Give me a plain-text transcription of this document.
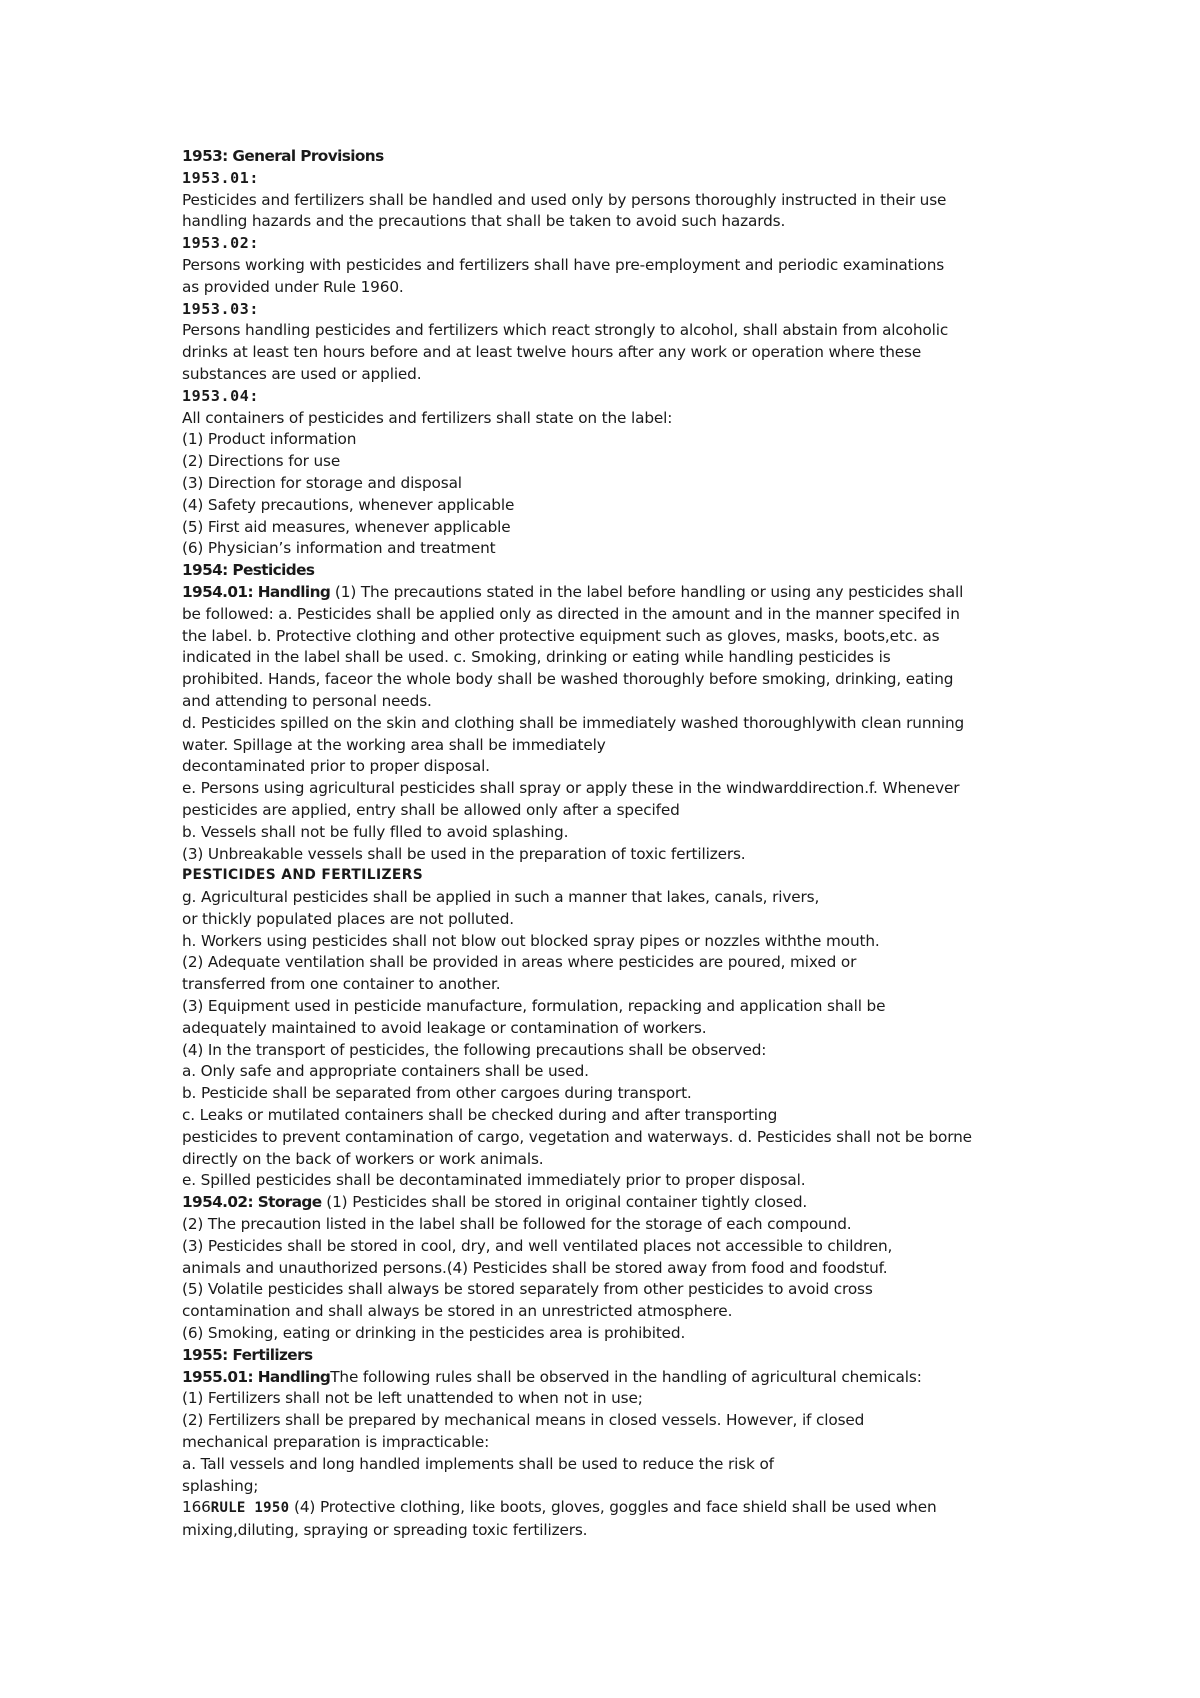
1953: General Provisions
1953.01:
Pesticides and fertilizers shall be handled and used only by persons thoroughly instructed in their use
handling hazards and the precautions that shall be taken to avoid such hazards.
1953.02:
Persons working with pesticides and fertilizers shall have pre-employment and periodic examinations
as provided under Rule 1960.
1953.03:
Persons handling pesticides and fertilizers which react strongly to alcohol, shall abstain from alcoholic
drinks at least ten hours before and at least twelve hours after any work or operation where these
substances are used or applied.
1953.04:
All containers of pesticides and fertilizers shall state on the label:
(1) Product information
(2) Directions for use
(3) Direction for storage and disposal
(4) Safety precautions, whenever applicable
(5) First aid measures, whenever applicable
(6) Physician’s information and treatment
1954: Pesticides
1954.01: Handling (1) The precautions stated in the label before handling or using any pesticides shall
be followed: a. Pesticides shall be applied only as directed in the amount and in the manner specifed in
the label. b. Protective clothing and other protective equipment such as gloves, masks, boots,etc. as
indicated in the label shall be used. c. Smoking, drinking or eating while handling pesticides is
prohibited. Hands, faceor the whole body shall be washed thoroughly before smoking, drinking, eating
and attending to personal needs.
d. Pesticides spilled on the skin and clothing shall be immediately washed thoroughlywith clean running
water. Spillage at the working area shall be immediately
decontaminated prior to proper disposal.
e. Persons using agricultural pesticides shall spray or apply these in the windwarddirection.f. Whenever
pesticides are applied, entry shall be allowed only after a specifed
b. Vessels shall not be fully flled to avoid splashing.
(3) Unbreakable vessels shall be used in the preparation of toxic fertilizers.
PESTICIDES AND FERTILIZERS
g. Agricultural pesticides shall be applied in such a manner that lakes, canals, rivers,
or thickly populated places are not polluted.
h. Workers using pesticides shall not blow out blocked spray pipes or nozzles withthe mouth.
(2) Adequate ventilation shall be provided in areas where pesticides are poured, mixed or
transferred from one container to another.
(3) Equipment used in pesticide manufacture, formulation, repacking and application shall be
adequately maintained to avoid leakage or contamination of workers.
(4) In the transport of pesticides, the following precautions shall be observed:
a. Only safe and appropriate containers shall be used.
b. Pesticide shall be separated from other cargoes during transport.
c. Leaks or mutilated containers shall be checked during and after transporting
pesticides to prevent contamination of cargo, vegetation and waterways. d. Pesticides shall not be borne
directly on the back of workers or work animals.
e. Spilled pesticides shall be decontaminated immediately prior to proper disposal.
1954.02: Storage (1) Pesticides shall be stored in original container tightly closed.
(2) The precaution listed in the label shall be followed for the storage of each compound.
(3) Pesticides shall be stored in cool, dry, and well ventilated places not accessible to children,
animals and unauthorized persons.(4) Pesticides shall be stored away from food and foodstuf.
(5) Volatile pesticides shall always be stored separately from other pesticides to avoid cross
contamination and shall always be stored in an unrestricted atmosphere.
(6) Smoking, eating or drinking in the pesticides area is prohibited.
1955: Fertilizers
1955.01: HandlingThe following rules shall be observed in the handling of agricultural chemicals:
(1) Fertilizers shall not be left unattended to when not in use;
(2) Fertilizers shall be prepared by mechanical means in closed vessels. However, if closed
mechanical preparation is impracticable:
a. Tall vessels and long handled implements shall be used to reduce the risk of
splashing;
166RULE 1950 (4) Protective clothing, like boots, gloves, goggles and face shield shall be used when
mixing,diluting, spraying or spreading toxic fertilizers.
